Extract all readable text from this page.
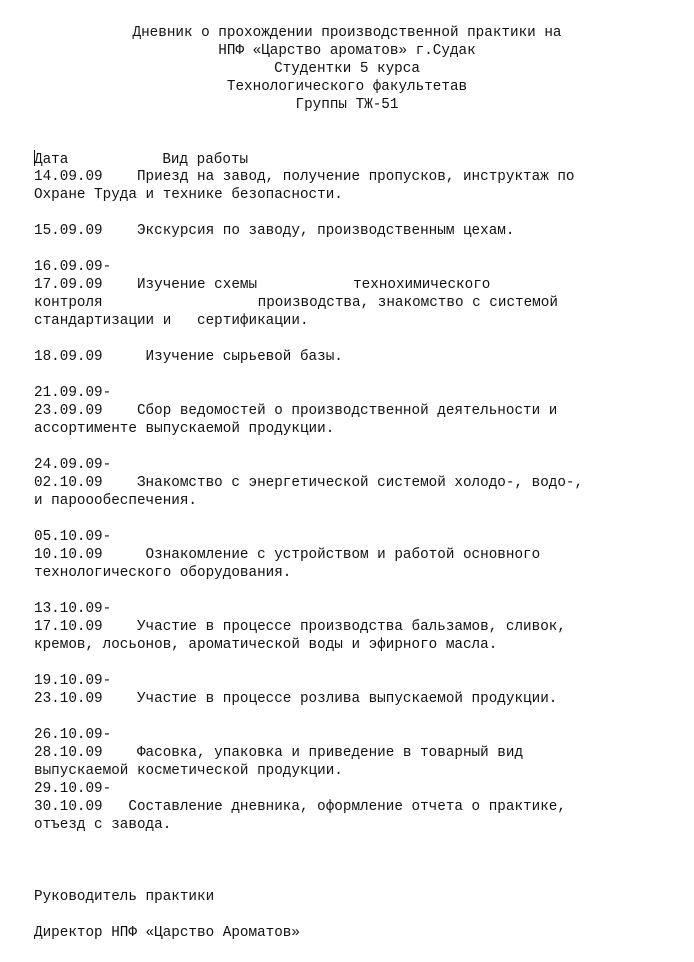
Дневник о прохождении производственной практики на
НПФ «Царство ароматов» г.Судак
Студентки 5 курса
Технологического факультетав
Группы ТЖ-51
Дата	Вид работы
14.09.09    Приезд на завод, получение пропусков, инструктаж по
Охране Труда и технике безопасности.
15.09.09    Экскурсия по заводу, производственным цехам.
16.09.09-
17.09.09    Изучение схемы	технохимического
контроля	производства, знакомство с системой
стандартизации и   сертификации.
18.09.09     Изучение сырьевой базы.
21.09.09-
23.09.09    Сбор ведомостей о производственной деятельности и
ассортименте выпускаемой продукции.
24.09.09-
02.10.09    Знакомство с энергетической системой холодо-, водо-,
и пароообеспечения.
05.10.09-
10.10.09     Ознакомление с устройством и работой основного
технологического оборудования.
13.10.09-
17.10.09    Участие в процессе производства бальзамов, сливок,
кремов, лосьонов, ароматической воды и эфирного масла.
19.10.09-
23.10.09    Участие в процессе розлива выпускаемой продукции.
26.10.09-
28.10.09    Фасовка, упаковка и приведение в товарный вид
выпускаемой косметической продукции.
29.10.09-
30.10.09   Составление дневника, оформление отчета о практике,
отъезд с завода.
Руководитель практики
Директор НПФ «Царство Ароматов»
